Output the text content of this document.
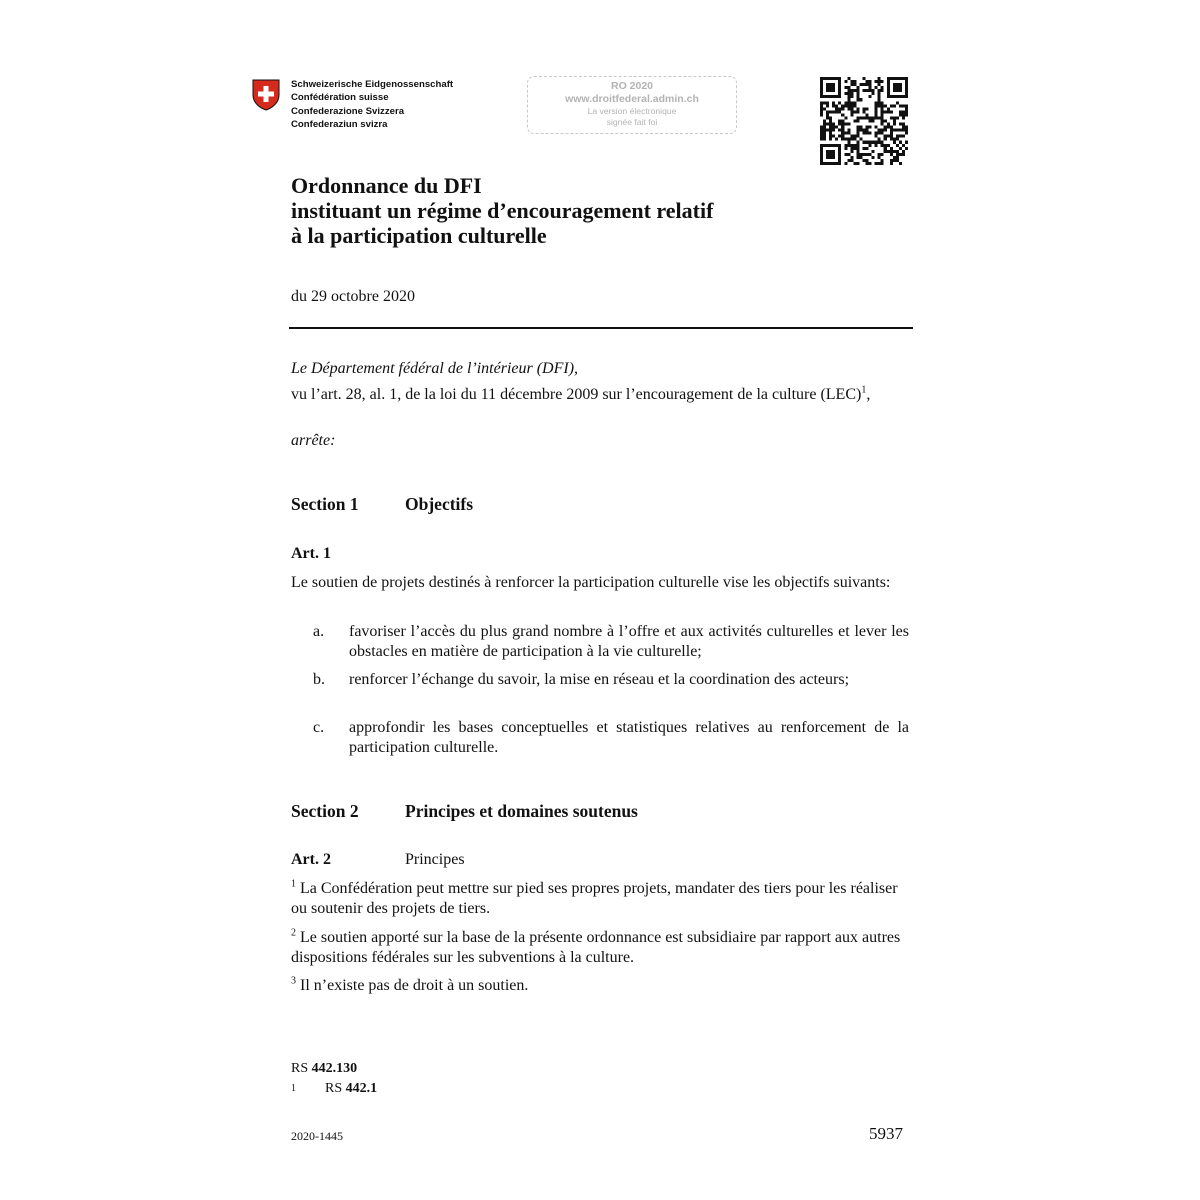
Schweizerische Eidgenossenschaft
Confédération suisse
Confederazione Svizzera
Confederaziun svizra
RO 2020
www.droitfederal.admin.ch
La version électronique
signée fait foi
Ordonnance du DFI
instituant un régime d’encouragement relatif
à la participation culturelle
du 29 octobre 2020
Le Département fédéral de l’intérieur (DFI),
vu l’art. 28, al. 1, de la loi du 11 décembre 2009 sur l’encouragement de la culture (LEC)$^1$,
arrête:
Section 1	Objectifs
Art. 1
Le soutien de projets destinés à renforcer la participation culturelle vise les objectifs suivants:
a. favoriser l’accès du plus grand nombre à l’offre et aux activités culturelles et lever les obstacles en matière de participation à la vie culturelle;
b. renforcer l’échange du savoir, la mise en réseau et la coordination des acteurs;
c. approfondir les bases conceptuelles et statistiques relatives au renforcement de la participation culturelle.
Section 2	Principes et domaines soutenus
Art. 2	Principes
$^1$ La Confédération peut mettre sur pied ses propres projets, mandater des tiers pour les réaliser ou soutenir des projets de tiers.
$^2$ Le soutien apporté sur la base de la présente ordonnance est subsidiaire par rapport aux autres dispositions fédérales sur les subventions à la culture.
$^3$ Il n’existe pas de droit à un soutien.
RS 442.130
1 RS 442.1
2020-1445	5937
